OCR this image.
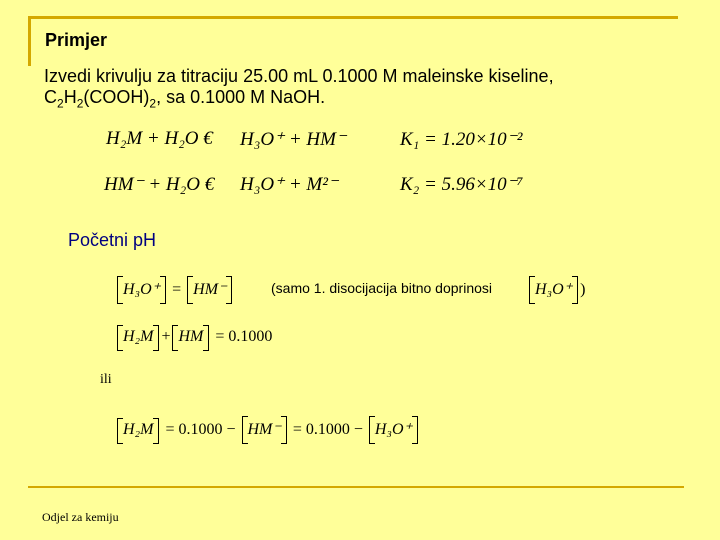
Primjer
Izvedi krivulju za titraciju 25.00 mL 0.1000 M maleinske kiseline,
$C_2H_2(COOH)_2$, sa 0.1000 M NaOH.
H₂M + H₂O € H₃O⁺ + HM⁻	K₁ = 1.20×10⁻²
HM⁻ + H₂O € H₃O⁺ + M²⁻	K₂ = 5.96×10⁻⁷
Početni pH
H₃O⁺ = HM⁻	(samo 1. disocijacija bitno doprinosi	H₃O⁺ )
H₂M + HM = 0.1000
ili
H₂M = 0.1000 − HM⁻ = 0.1000 − H₃O⁺
Odjel za kemiju
